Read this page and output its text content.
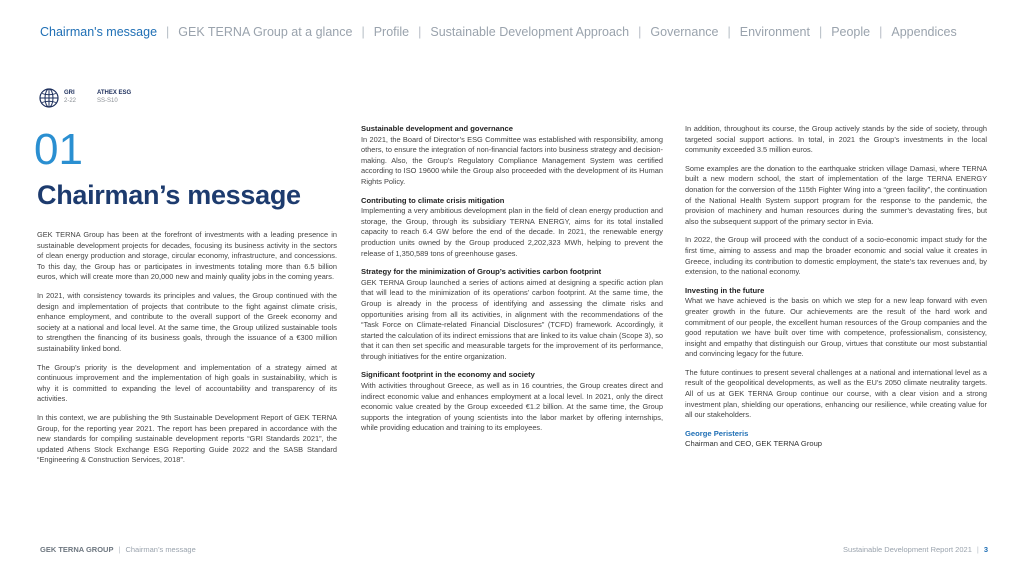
Chairman's message | GEK TERNA Group at a glance | Profile | Sustainable Development Approach | Governance | Environment | People | Appendices
GRI
2-22
ATHEX ESG
SS-S10
01
Chairman’s message

GEK TERNA Group has been at the forefront of investments with a leading presence in sustainable development projects for decades, focusing its business activity in the sectors of clean energy production and storage, circular economy, infrastructure, and concessions. To this day, the Group has or participates in investments totaling more than 6.5 billion euros, which will create more than 20,000 new and mainly quality jobs in the coming years.

In 2021, with consistency towards its principles and values, the Group continued with the design and implementation of projects that contribute to the fight against climate crisis, enhance employment, and contribute to the overall support of the Greek economy and society at a national and local level. At the same time, the Group utilized sustainable tools to strengthen the financing of its business goals, through the issuance of a €300 million sustainability linked bond.

The Group’s priority is the development and implementation of a strategy aimed at continuous improvement and the implementation of high goals in sustainability, which is why it is committed to expanding the level of accountability and transparency of its activities.

In this context, we are publishing the 9th Sustainable Development Report of GEK TERNA Group, for the reporting year 2021. The report has been prepared in accordance with the new standards for compiling sustainable development reports “GRI Standards 2021”, the updated Athens Stock Exchange ESG Reporting Guide 2022 and the SASB Standard “Engineering & Construction Services, 2018”.

Sustainable development and governance

In 2021, the Board of Director’s ESG Committee was established with responsibility, among others, to ensure the integration of non-financial factors into business strategy and decision-making. Also, the Group’s Regulatory Compliance Management System was certified according to ISO 19600 while the Group also proceeded with the development of its Human Rights Policy.

Contributing to climate crisis mitigation

Implementing a very ambitious development plan in the field of clean energy production and storage, the Group, through its subsidiary TERNA ENERGY, aims for its total installed capacity to reach 6.4 GW before the end of the decade. In 2021, the renewable energy production units owned by the Group produced 2,202,323 MWh, helping to prevent the release of 1,350,589 tons of greenhouse gases.

Strategy for the minimization of Group’s activities carbon footprint

GEK TERNA Group launched a series of actions aimed at designing a specific action plan that will lead to the minimization of its operations’ carbon footprint. At the same time, the Group is already in the process of identifying and assessing the climate risks and opportunities arising from all its activities, in alignment with the recommendations of the “Task Force on Climate-related Financial Disclosures” (TCFD) framework. Accordingly, it started the calculation of its indirect emissions that are linked to its value chain (Scope 3), so that it can then set specific and measurable targets for the improvement of its performance, through initiatives for the entire organization.

Significant footprint in the economy and society

With activities throughout Greece, as well as in 16 countries, the Group creates direct and indirect economic value and enhances employment at a local level. In 2021, only the direct economic value created by the Group exceeded €1.2 billion. At the same time, the Group supports the integration of young scientists into the labor market by offering internships, while providing education and training to its employees.

In addition, throughout its course, the Group actively stands by the side of society, through targeted social support actions. In total, in 2021 the Group’s investments in the local community exceeded 3.5 million euros.

Some examples are the donation to the earthquake stricken village Damasi, where TERNA built a new modern school, the start of implementation of the large TERNA ENERGY donation for the conversion of the 115th Fighter Wing into a “green facility”, the continuation of the National Health System support program for the response to the pandemic, the provision of machinery and human resources during the summer’s devastating fires, but also the subsequent support of the primary sector in Evia.

In 2022, the Group will proceed with the conduct of a socio-economic impact study for the first time, aiming to assess and map the broader economic and social value it creates in Greece, including its contribution to domestic employment, the state’s tax revenues and, by extension, to the national economy.

Investing in the future

What we have achieved is the basis on which we step for a new leap forward with even greater growth in the future. Our achievements are the result of the hard work and commitment of our people, the excellent human resources of the Group companies and the good reputation we have built over time with competence, professionalism, consistency, insight and empathy that distinguish our Group, virtues that constitute our most substantial and convincing legacy for the future.

The future continues to present several challenges at a national and international level as a result of the geopolitical developments, as well as the EU’s 2050 climate neutrality targets. All of us at GEK TERNA Group continue our course, with a clear vision and a strong investment plan, shielding our operations, enhancing our resilience, while creating value for all our stakeholders.

George Peristeris
Chairman and CEO, GEK TERNA Group
GEK TERNA GROUP | Chairman’s message	Sustainable Development Report 2021 | 3
